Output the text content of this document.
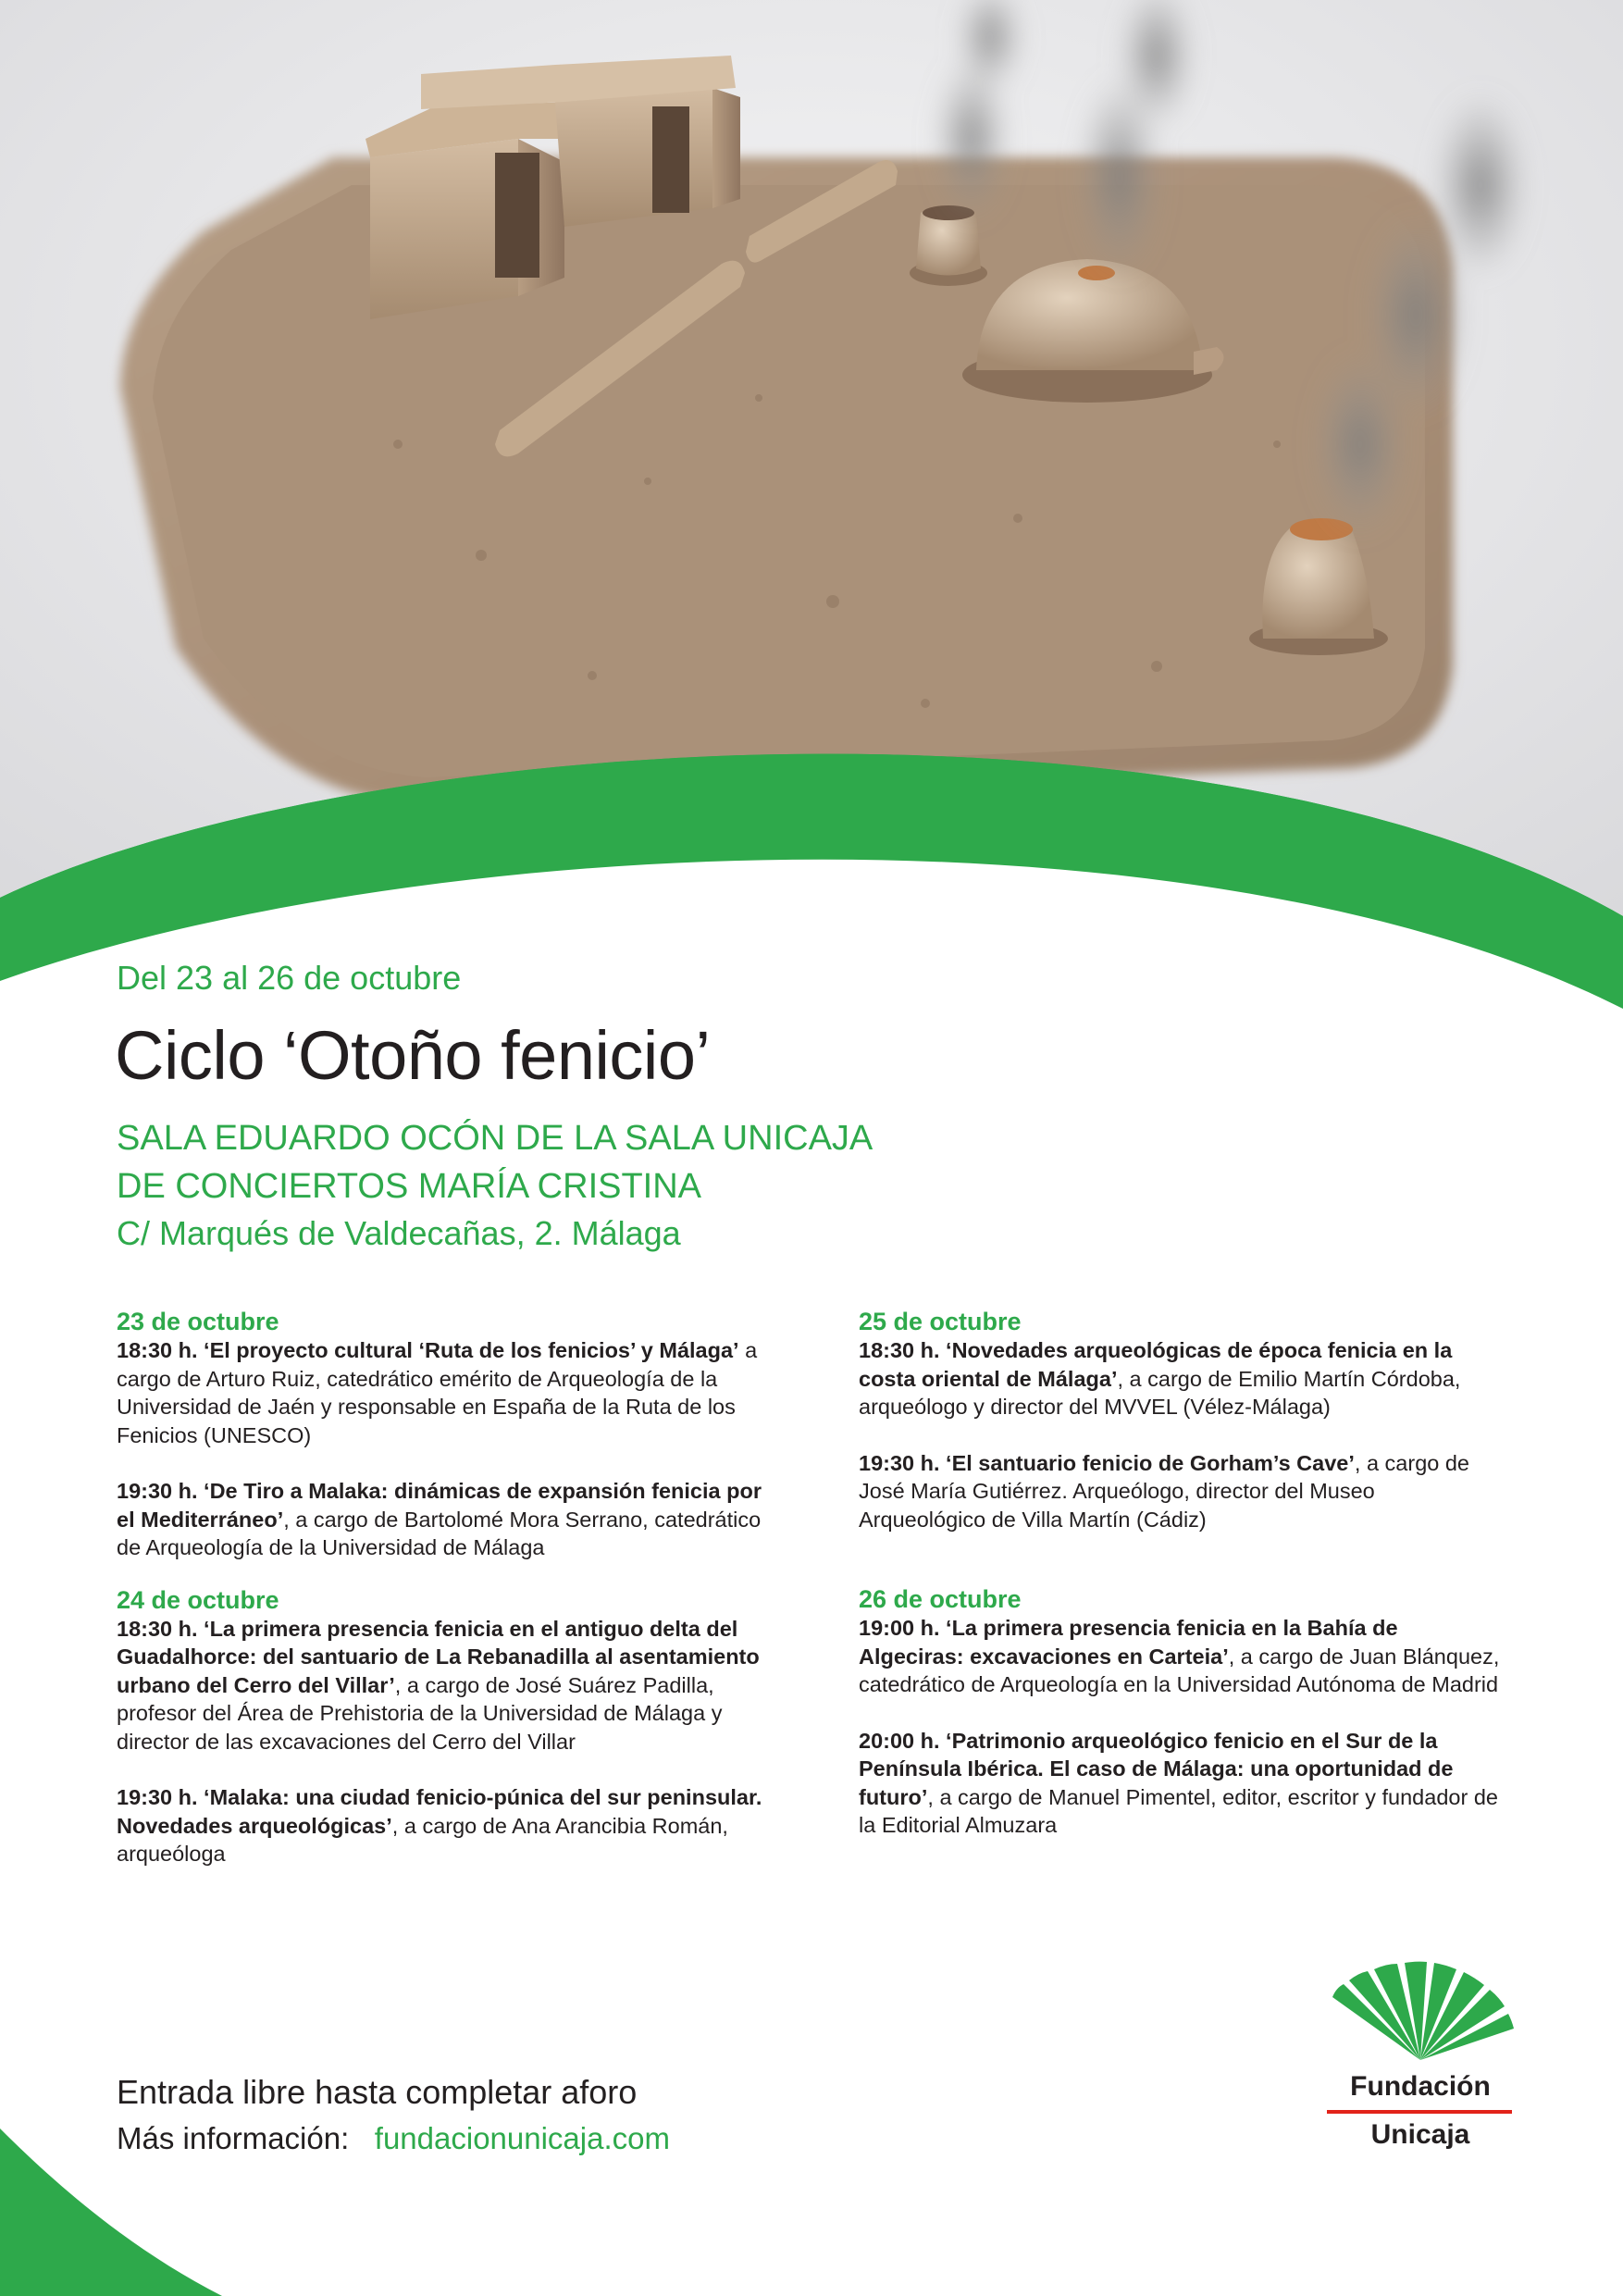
Del 23 al 26 de octubre
Ciclo ‘Otoño fenicio’
SALA EDUARDO OCÓN DE LA SALA UNICAJA
DE CONCIERTOS MARÍA CRISTINA
C/ Marqués de Valdecañas, 2. Málaga

23 de octubre

18:30 h. ‘El proyecto cultural ‘Ruta de los fenicios’ y Málaga’ a cargo de Arturo Ruiz, catedrático emérito de Arqueología de la Universidad de Jaén y responsable en España de la Ruta de los Fenicios (UNESCO)

19:30 h. ‘De Tiro a Malaka: dinámicas de expansión fenicia por el Mediterráneo’, a cargo de Bartolomé Mora Serrano, catedrático de Arqueología de la Universidad de Málaga

24 de octubre

18:30 h. ‘La primera presencia fenicia en el antiguo delta del Guadalhorce: del santuario de La Rebanadilla al asentamiento urbano del Cerro del Villar’, a cargo de José Suárez Padilla, profesor del Área de Prehistoria de la Universidad de Málaga y director de las excavaciones del Cerro del Villar

19:30 h. ‘Malaka: una ciudad fenicio-púnica del sur peninsular. Novedades arqueológicas’, a cargo de Ana Arancibia Román, arqueóloga

25 de octubre

18:30 h. ‘Novedades arqueológicas de época fenicia en la costa oriental de Málaga’, a cargo de Emilio Martín Córdoba, arqueólogo y director del MVVEL (Vélez-Málaga)

19:30 h. ‘El santuario fenicio de Gorham’s Cave’, a cargo de José María Gutiérrez. Arqueólogo, director del Museo Arqueológico de Villa Martín (Cádiz)

26 de octubre

19:00 h. ‘La primera presencia fenicia en la Bahía de Algeciras: excavaciones en Carteia’, a cargo de Juan Blánquez, catedrático de Arqueología en la Universidad Autónoma de Madrid

20:00 h. ‘Patrimonio arqueológico fenicio en el Sur de la Península Ibérica. El caso de Málaga: una oportunidad de futuro’, a cargo de Manuel Pimentel, editor, escritor y fundador de la Editorial Almuzara

Entrada libre hasta completar aforo
Más información: fundacionunicaja.com
Fundación
Unicaja
